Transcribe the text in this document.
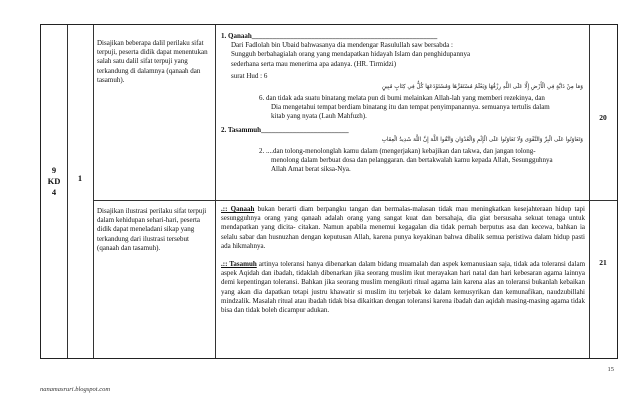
9
KD
4
1
Disajikan beberapa dalil perilaku sifat terpuji, peserta didik dapat menentukan salah satu dalil sifat terpuji yang terkandung di dalamnya (qanaah dan tasamuh).
1. Qanaah_____________________________________________________
Dari Fadlolah bin Ubaid bahwasanya dia mendengar Rasulullah saw bersabda :
Sungguh berbahagialah orang yang mendapatkan hidayah Islam dan penghidupannya
sederhana serta mau menerima apa adanya. (HR. Tirmidzi)
surat Hud : 6
ﻭَﻣَﺎ ﻣِﻦْ ﺩَﺍﺑَّﺔٍ ﻓِﻲ ﺍﻟْﺄَﺭْﺽِ ﺇِﻟَّﺎ ﻋَﻠَﻰ ﺍﻟﻠَّﻪِ ﺭِﺯْﻗُﻬَﺎ ﻭَﻳَﻌْﻠَﻢُ ﻣُﺴْﺘَﻘَﺮَّﻫَﺎ ﻭَﻣُﺴْﺘَﻮْﺩَﻋَﻬَﺎ ﻛُﻞٌّ ﻓِﻲ ﻛِﺘَﺎﺏٍ ﻣُﺒِﻴﻦٍ
6. dan tidak ada suatu binatang melata pun di bumi melainkan Allah-lah yang memberi rezekinya, dan
Dia mengetahui tempat berdiam binatang itu dan tempat penyimpanannya. semuanya tertulis dalam
kitab yang nyata (Lauh Mahfuzh).
2. Tasammuh_________________________
ﻭَﺗَﻌَﺎﻭَﻧُﻮﺍ ﻋَﻠَﻰ ﺍﻟْﺒِﺮِّ ﻭَﺍﻟﺘَّﻘْﻮَﻯ ﻭَﻟَﺎ ﺗَﻌَﺎﻭَﻧُﻮﺍ ﻋَﻠَﻰ ﺍﻟْﺈِﺛْﻢِ ﻭَﺍﻟْﻌُﺪْﻭَﺍﻥِ ﻭَﺍﺗَّﻘُﻮﺍ ﺍﻟﻠَّﻪَ ﺇِﻥَّ ﺍﻟﻠَّﻪَ ﺷَﺪِﻳﺪُ ﺍﻟْﻌِﻘَﺎﺏِ
2. ....dan tolong-menolonglah kamu dalam (mengerjakan) kebajikan dan takwa, dan jangan tolong-
menolong dalam berbuat dosa dan pelanggaran. dan bertakwalah kamu kepada Allah, Sesungguhnya
Allah Amat berat siksa-Nya.
20
Disajikan ilustrasi perilaku sifat terpuji dalam kehidupan sehari-hari, peserta didik dapat meneladani sikap yang terkandung dari ilustrasi tersebut (qanaah dan tasamuh).
.:: Qanaah bukan berarti diam berpangku tangan dan bermalas-malasan tidak mau meningkatkan kesejahteraan hidup tapi sesungguhnya orang yang qanaah adalah orang yang sangat kuat dan bersahaja, dia giat bersusaha sekuat tenaga untuk mendapatkan yang dicita- citakan. Namun apabila menemui kegagalan dia tidak pernah berputus asa dan kecewa, bahkan ia selalu sabar dan husnuzhan dengan keputusan Allah, karena punya keyakinan bahwa dibalik semua peristiwa dalam hidup pasti ada hikmahnya.
.:: Tasamuh artinya toleransi hanya dibenarkan dalam bidang muamalah dan aspek kemanusiaan saja, tidak ada toleransi dalam aspek Aqidah dan ibadah, tidaklah dibenarkan jika seorang muslim ikut merayakan hari natal dan hari kebesaran agama lainnya demi kepentingan toleransi. Bahkan jika seorang muslim mengikuti ritual agama lain karena alas an toleransi bukanlah kebaikan yang akan dia dapatkan tetapi justru khawatir si muslim itu terjebak ke dalam kemusyrikan dan kemunafikan, naudzubillahi mindzalik. Masalah ritual atau ibadah tidak bisa dikaitkan dengan toleransi karena ibadah dan aqidah masing-masing agama tidak bisa dan tidak boleh dicampur adukan.
21
15
nanamasruri.blogspot.com
